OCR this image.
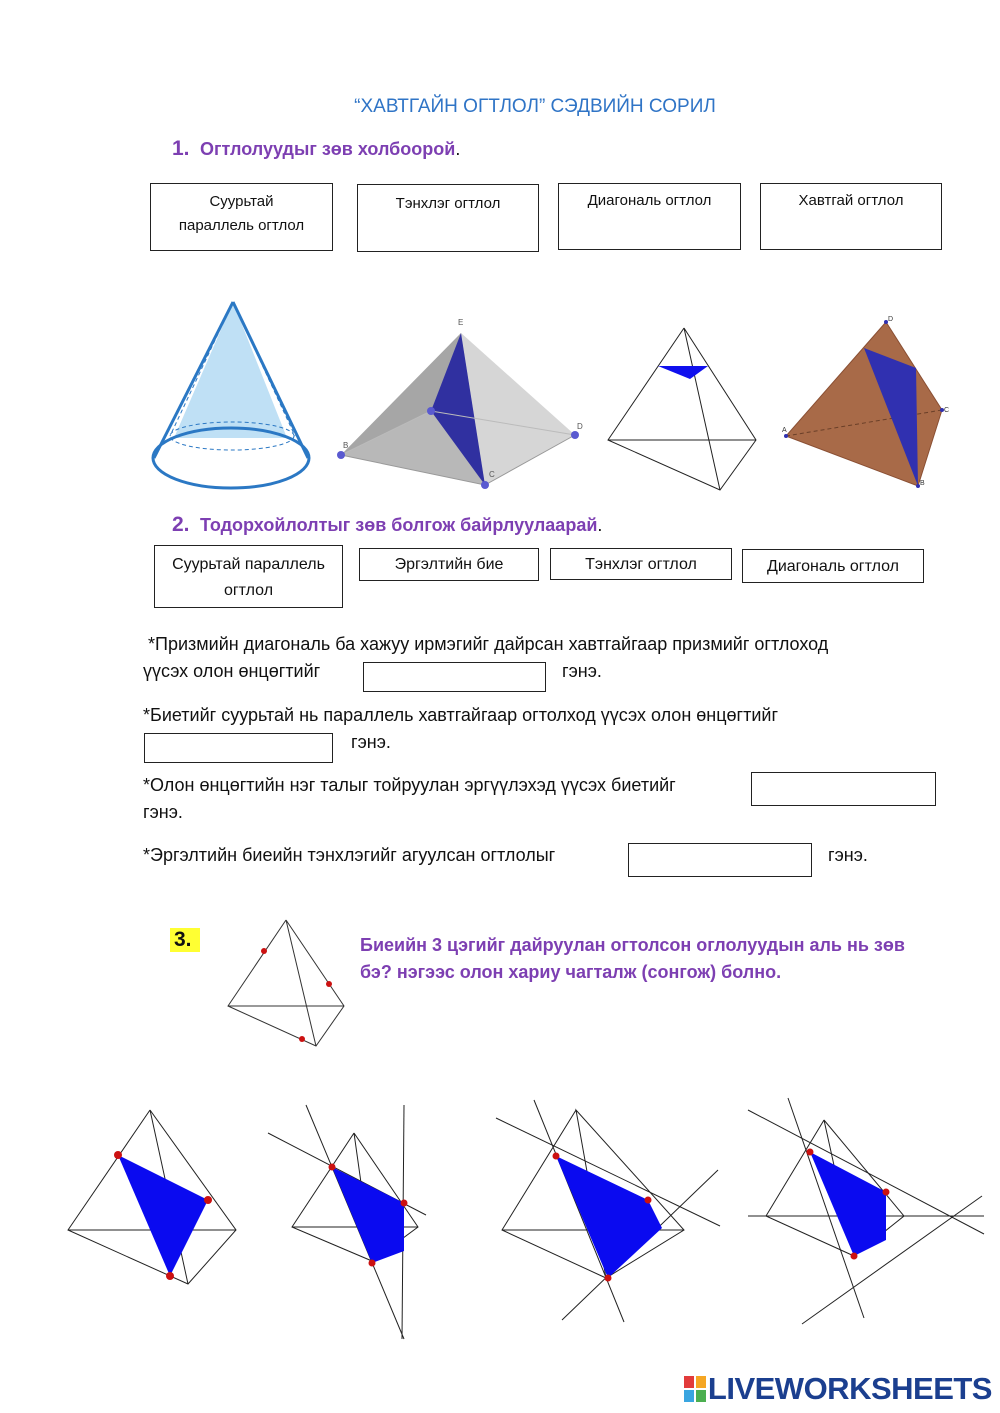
“ХАВТГАЙН ОГТЛОЛ” СЭДВИЙН СОРИЛ
1. Огтлолуудыг зөв холбоорой.
Суурьтай
параллель огтлол
Тэнхлэг огтлол	Диагональ огтлол	Хавтгай огтлол
E
B
C
D
D
A
C
B
2. Тодорхойлолтыг зөв болгож байрлуулаарай.
Суурьтай параллель
огтлол
Эргэлтийн бие	Тэнхлэг огтлол	Диагональ огтлол
*Призмийн диагональ ба хажуу ирмэгийг дайрсан хавтгайгаар призмийг огтлоход
үүсэх олон өнцөгтийг	гэнэ.
*Биетийг суурьтай нь параллель хавтгайгаар огтолход үүсэх олон өнцөгтийг
гэнэ.
*Олон өнцөгтийн нэг талыг тойруулан эргүүлэхэд үүсэх биетийг
гэнэ.
*Эргэлтийн биеийн тэнхлэгийг агуулсан огтлолыг	гэнэ.
3.	Биеийн 3 цэгийг дайруулан огтолсон оглолуудын аль нь зөв бэ? нэгээс олон хариу чагталж (сонгож) болно.
LIVEWORKSHEETS
